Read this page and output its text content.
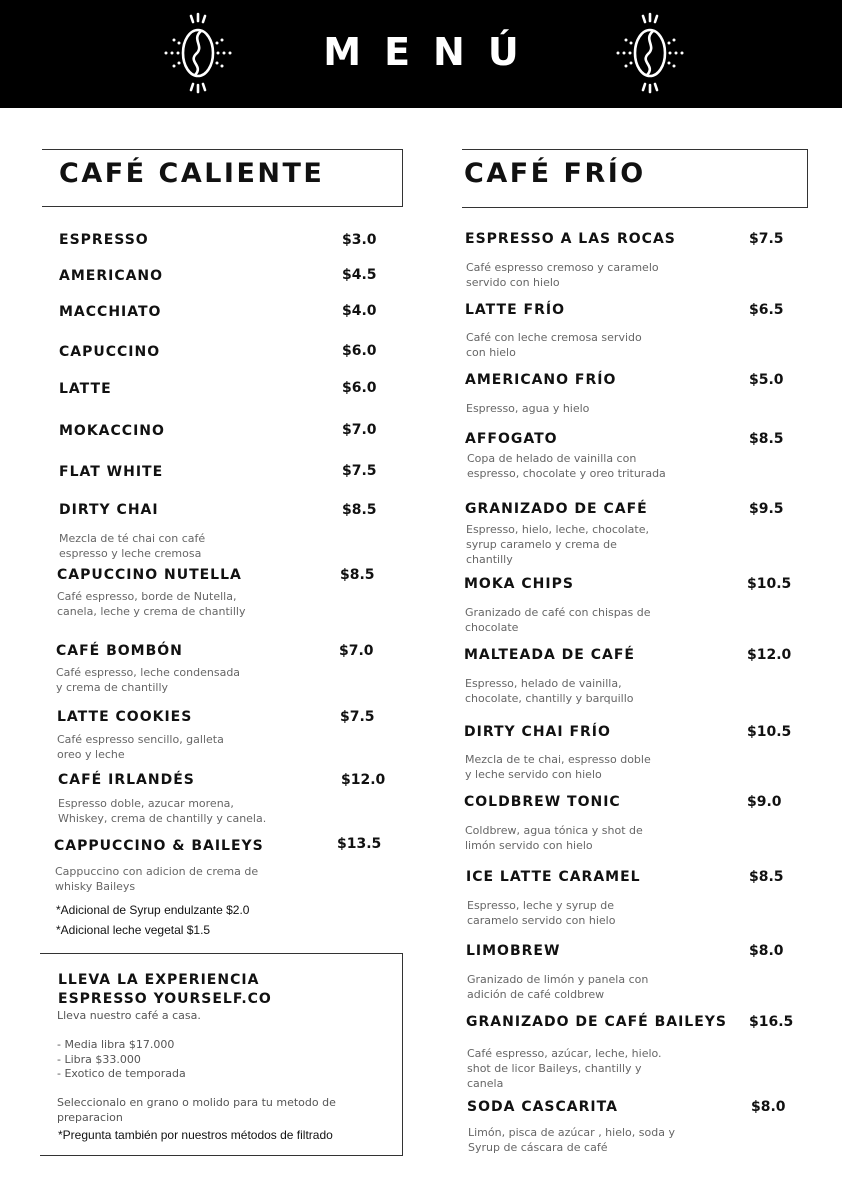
MENÚ
CAFÉ CALIENTE
ESPRESSO	$3.0
AMERICANO	$4.5
MACCHIATO	$4.0
CAPUCCINO	$6.0
LATTE	$6.0
MOKACCINO	$7.0
FLAT WHITE	$7.5
DIRTY CHAI	$8.5
Mezcla de té chai con café
espresso y leche cremosa
CAPUCCINO NUTELLA	$8.5
Café espresso, borde de Nutella,
canela, leche y crema de chantilly
CAFÉ BOMBÓN	$7.0
Café espresso, leche condensada
y crema de chantilly
LATTE COOKIES	$7.5
Café espresso sencillo, galleta
oreo y leche
CAFÉ IRLANDÉS	$12.0
Espresso doble, azucar morena,
Whiskey, crema de chantilly y canela.
CAPPUCCINO & BAILEYS	$13.5
Cappuccino con adicion de crema de
whisky Baileys
*Adicional de Syrup endulzante $2.0
*Adicional leche vegetal $1.5
LLEVA LA EXPERIENCIA
ESPRESSO YOURSELF.CO
Lleva nuestro café a casa.
- Media libra $17.000
- Libra $33.000
- Exotico de temporada
Seleccionalo en grano o molido para tu metodo de
preparacion
*Pregunta también por nuestros métodos de filtrado
CAFÉ FRÍO
ESPRESSO A LAS ROCAS	$7.5
Café espresso cremoso y caramelo
servido con hielo
LATTE FRÍO	$6.5
Café con leche cremosa servido
con hielo
AMERICANO FRÍO	$5.0
Espresso, agua y hielo
AFFOGATO	$8.5
Copa de helado de vainilla con
espresso, chocolate y oreo triturada
GRANIZADO DE CAFÉ	$9.5
Espresso, hielo, leche, chocolate,
syrup caramelo y crema de
chantilly
MOKA CHIPS	$10.5
Granizado de café con chispas de
chocolate
MALTEADA DE CAFÉ	$12.0
Espresso, helado de vainilla,
chocolate, chantilly y barquillo
DIRTY CHAI FRÍO	$10.5
Mezcla de te chai, espresso doble
y leche servido con hielo
COLDBREW TONIC	$9.0
Coldbrew, agua tónica y shot de
limón servido con hielo
ICE LATTE CARAMEL	$8.5
Espresso, leche y syrup de
caramelo servido con hielo
LIMOBREW	$8.0
Granizado de limón y panela con
adición de café coldbrew
GRANIZADO DE CAFÉ BAILEYS $16.5
Café espresso, azúcar, leche, hielo.
shot de licor Baileys, chantilly y
canela
SODA CASCARITA	$8.0
Limón, pisca de azúcar , hielo, soda y
Syrup de cáscara de café
